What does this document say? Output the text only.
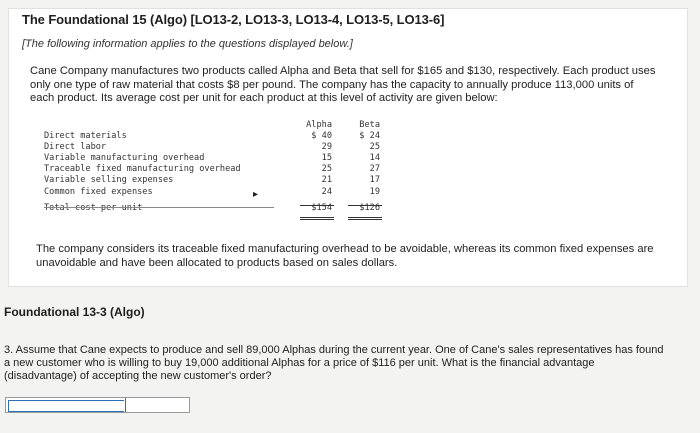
The Foundational 15 (Algo) [LO13-2, LO13-3, LO13-4, LO13-5, LO13-6]
[The following information applies to the questions displayed below.]
Cane Company manufactures two products called Alpha and Beta that sell for $165 and $130, respectively. Each product uses only one type of raw material that costs $8 per pound. The company has the capacity to annually produce 113,000 units of each product. Its average cost per unit for each product at this level of activity are given below:

Direct materials
Direct labor
Variable manufacturing overhead
Traceable fixed manufacturing overhead
Variable selling expenses
Common fixed expenses
Total cost per unit
Alpha
$ 40
29
15
25
21
24
$154
Beta
$ 24
25
14
27
17
19
$126
▸
The company considers its traceable fixed manufacturing overhead to be avoidable, whereas its common fixed expenses are unavoidable and have been allocated to products based on sales dollars.
Foundational 13-3 (Algo)
3. Assume that Cane expects to produce and sell 89,000 Alphas during the current year. One of Cane's sales representatives has found a new customer who is willing to buy 19,000 additional Alphas for a price of $116 per unit. What is the financial advantage (disadvantage) of accepting the new customer's order?
